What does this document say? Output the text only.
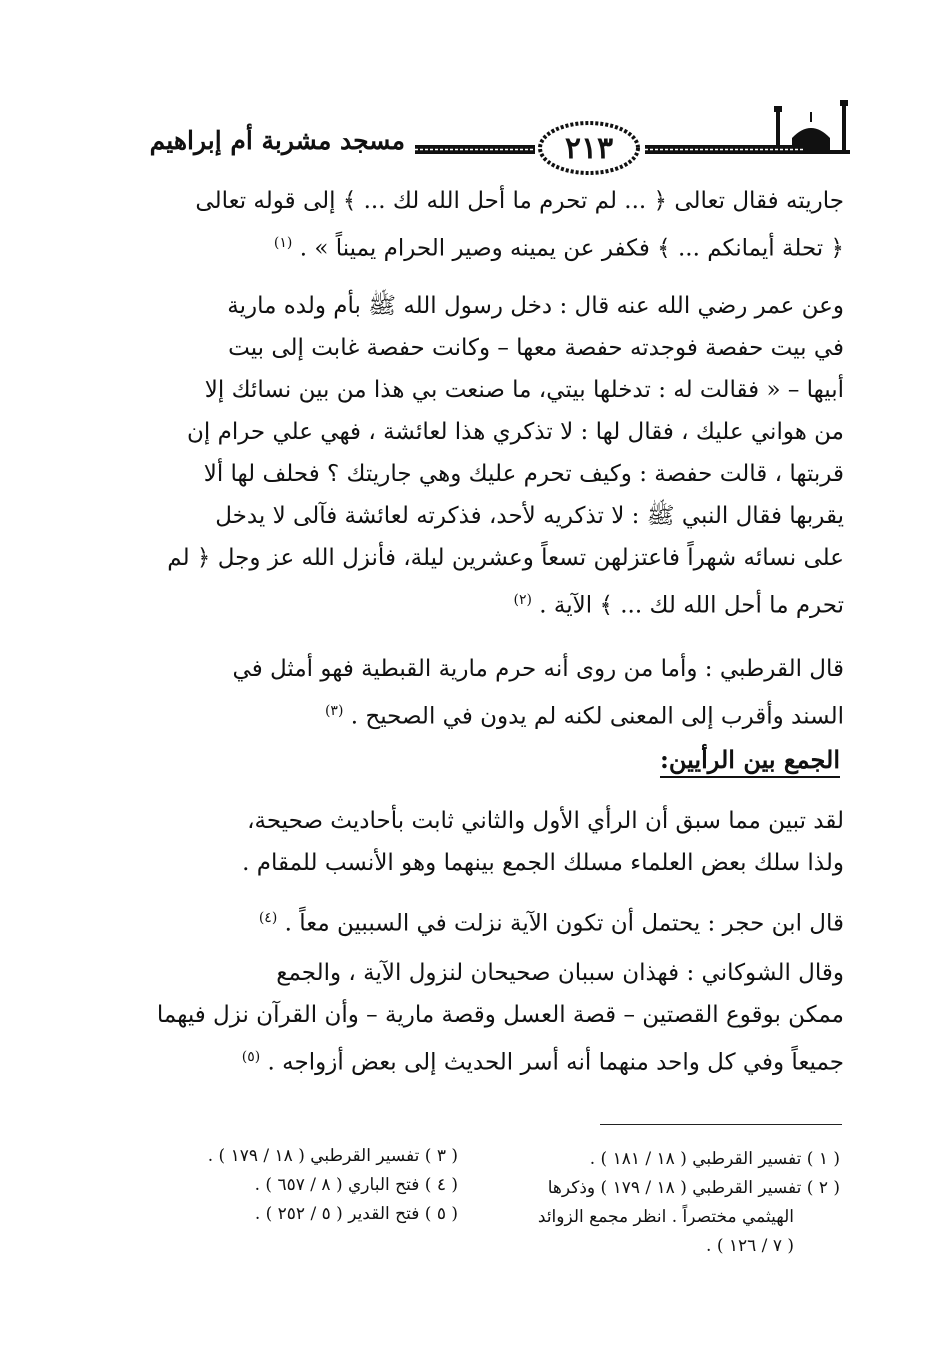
٢١٣
مسجد مشربة أم إبراهيم

جاريته فقال تعالى ﴿ ... لم تحرم ما أحل الله لك ... ﴾ إلى قوله تعالى

﴿ تحلة أيمانكم ... ﴾ فكفر عن يمينه وصير الحرام يميناً » . $^{(١)}$

وعن عمر رضي الله عنه قال : دخل رسول الله ﷺ بأم ولده مارية

في بيت حفصة فوجدته حفصة معها – وكانت حفصة غابت إلى بيت

أبيها – « فقالت له : تدخلها بيتي، ما صنعت بي هذا من بين نسائك إلا

من هواني عليك ، فقال لها : لا تذكري هذا لعائشة ، فهي علي حرام إن

قربتها ، قالت حفصة : وكيف تحرم عليك وهي جاريتك ؟ فحلف لها ألا

يقربها فقال النبي ﷺ : لا تذكريه لأحد، فذكرته لعائشة فآلى لا يدخل

على نسائه شهراً فاعتزلهن تسعاً وعشرين ليلة، فأنزل الله عز وجل ﴿ لم

تحرم ما أحل الله لك ... ﴾ الآية . $^{(٢)}$

قال القرطبي : وأما من روى أنه حرم مارية القبطية فهو أمثل في

السند وأقرب إلى المعنى لكنه لم يدون في الصحيح . $^{(٣)}$

الجمع بين الرأيين:

لقد تبين مما سبق أن الرأي الأول والثاني ثابت بأحاديث صحيحة،

ولذا سلك بعض العلماء مسلك الجمع بينهما وهو الأنسب للمقام .

قال ابن حجر : يحتمل أن تكون الآية نزلت في السببين معاً . $^{(٤)}$

وقال الشوكاني : فهذان سببان صحيحان لنزول الآية ، والجمع

ممكن بوقوع القصتين – قصة العسل وقصة مارية – وأن القرآن نزل فيهما

جميعاً وفي كل واحد منهما أنه أسر الحديث إلى بعض أزواجه . $^{(٥)}$

( ١ ) تفسير القرطبي ( ١٨ / ١٨١ ) .
( ٢ ) تفسير القرطبي ( ١٨ / ١٧٩ ) وذكرها
الهيثمي مختصراً . انظر مجمع الزوائد
( ٧ / ١٢٦ ) .
( ٣ ) تفسير القرطبي ( ١٨ / ١٧٩ ) .
( ٤ ) فتح الباري ( ٨ / ٦٥٧ ) .
( ٥ ) فتح القدير ( ٥ / ٢٥٢ ) .
